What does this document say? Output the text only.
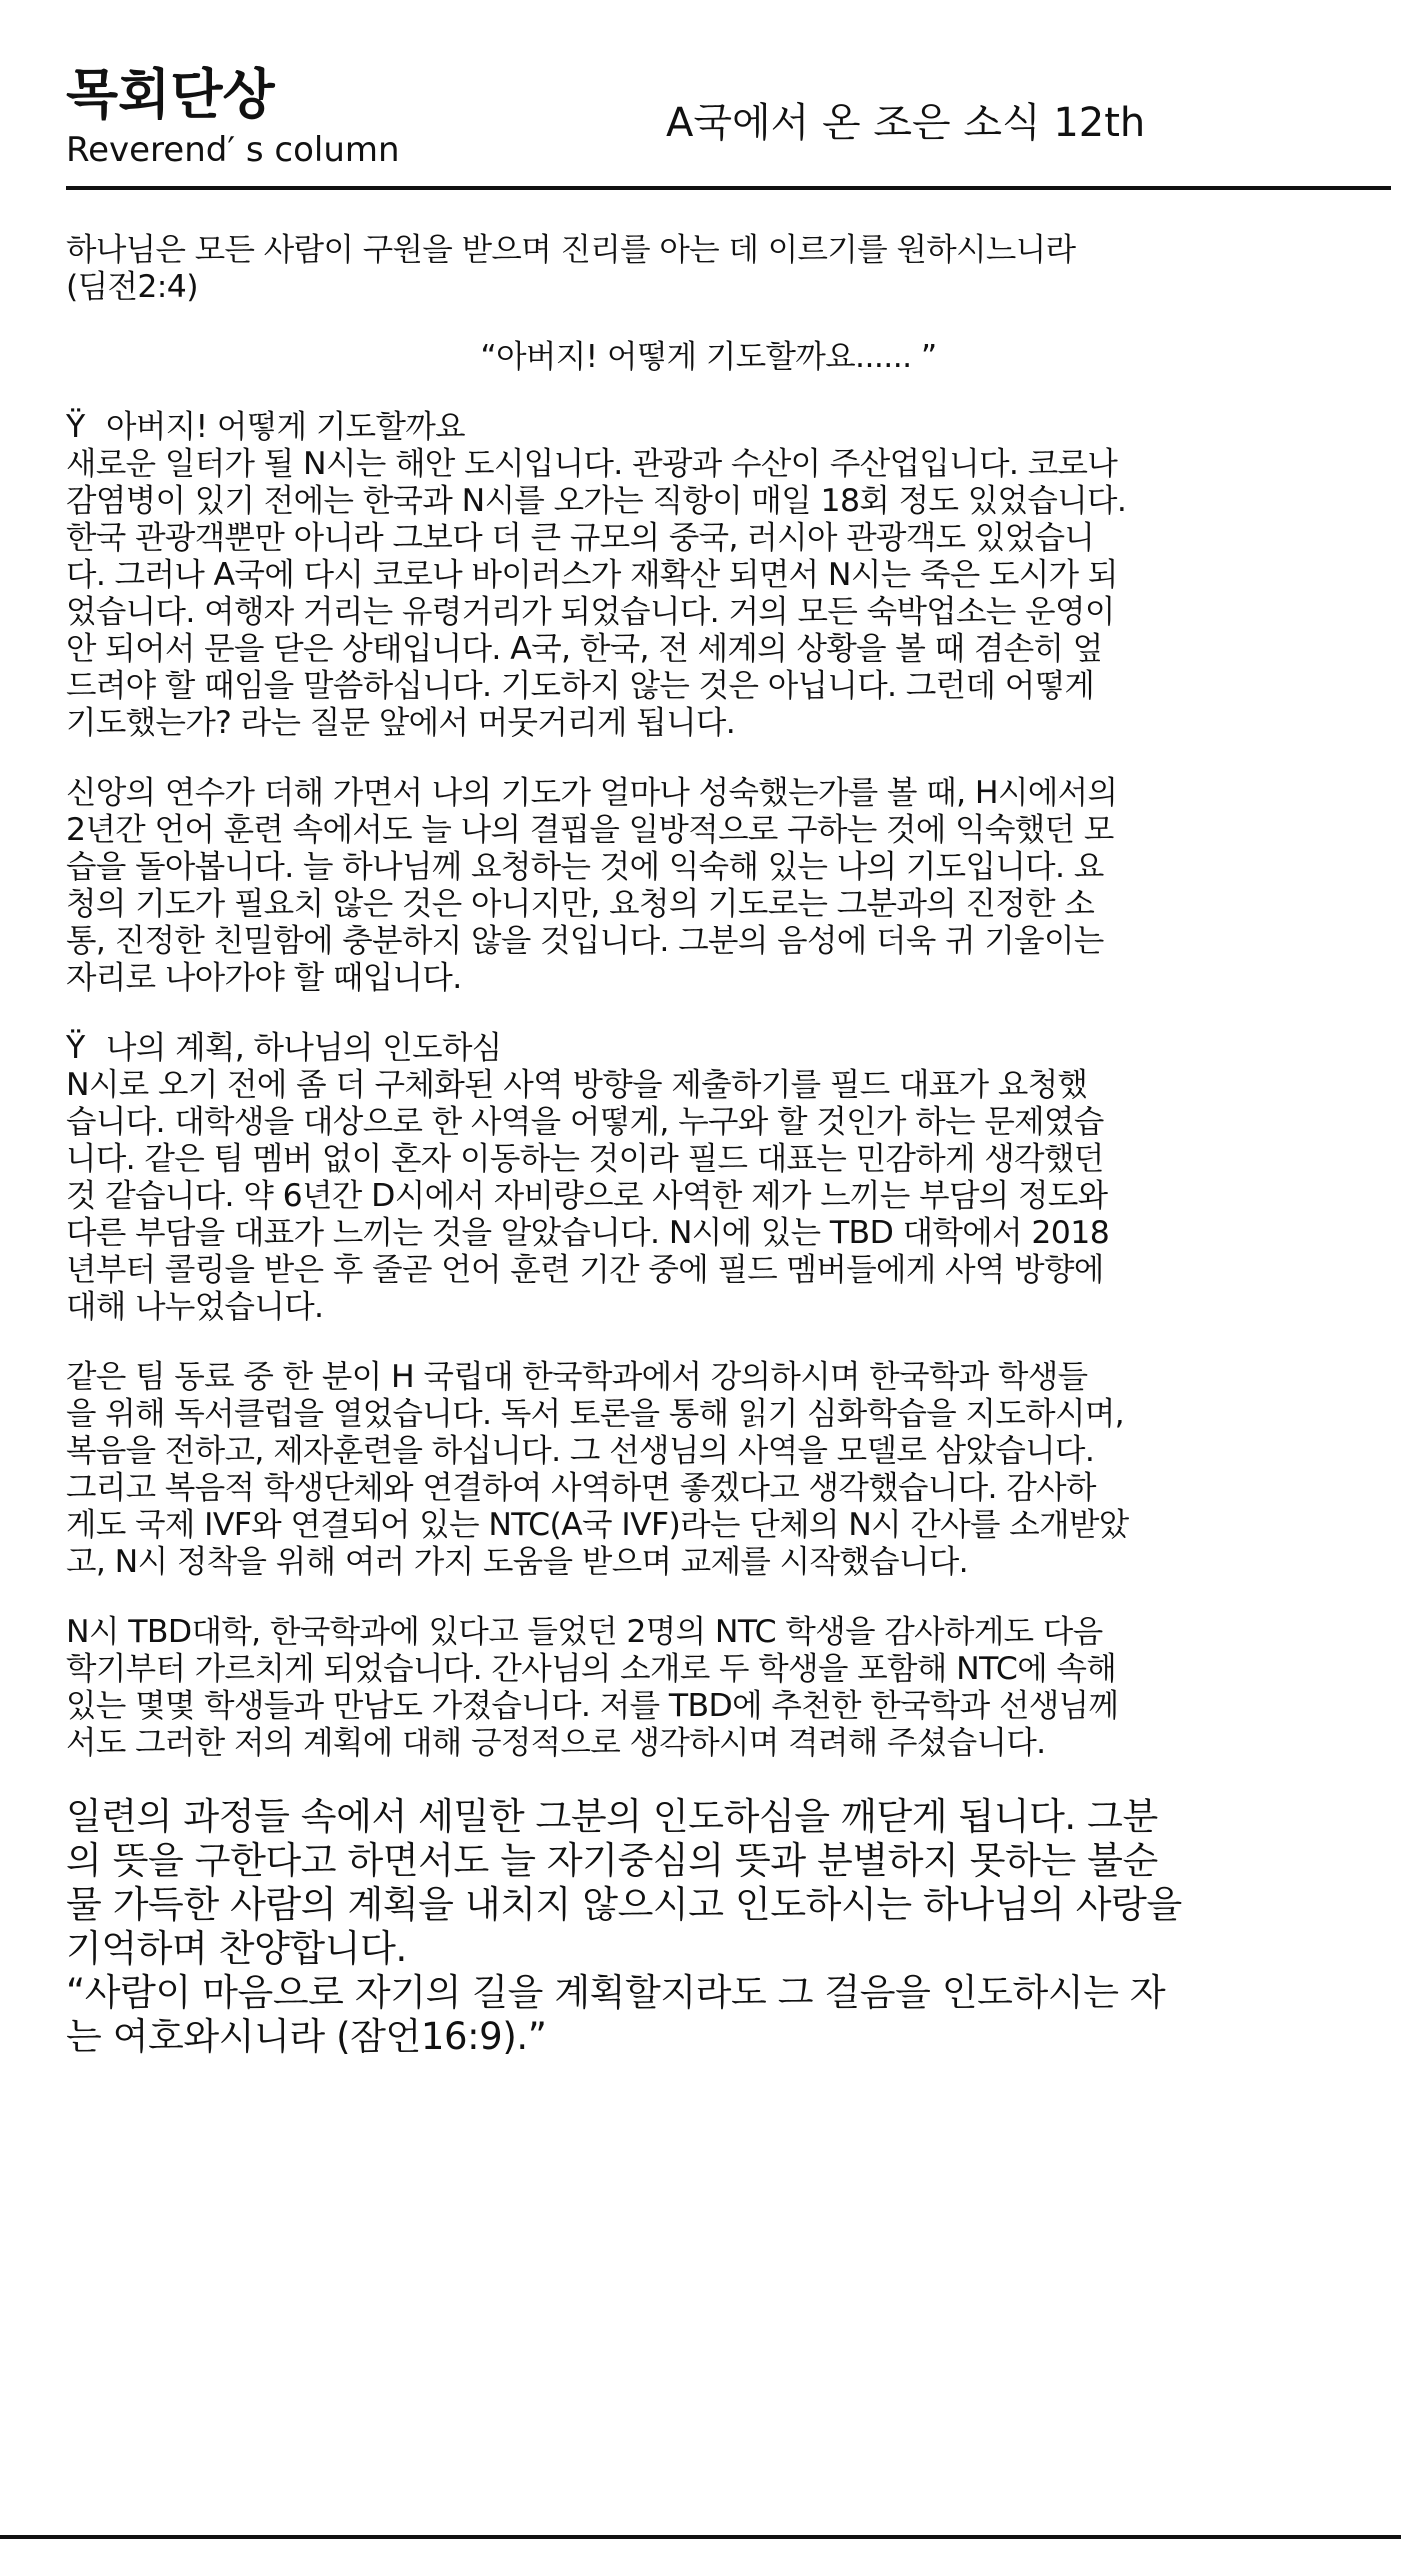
목회단상
Reverend′ s column
A국에서 온 조은 소식 12th
하나님은 모든 사람이 구원을 받으며 진리를 아는 데 이르기를 원하시느니라
(딤전2:4)
“아버지! 어떻게 기도할까요...... ”
Ÿ 아버지! 어떻게 기도할까요
새로운 일터가 될 N시는 해안 도시입니다. 관광과 수산이 주산업입니다. 코로나
감염병이 있기 전에는 한국과 N시를 오가는 직항이 매일 18회 정도 있었습니다.
한국 관광객뿐만 아니라 그보다 더 큰 규모의 중국, 러시아 관광객도 있었습니
다. 그러나 A국에 다시 코로나 바이러스가 재확산 되면서 N시는 죽은 도시가 되
었습니다. 여행자 거리는 유령거리가 되었습니다. 거의 모든 숙박업소는 운영이
안 되어서 문을 닫은 상태입니다. A국, 한국, 전 세계의 상황을 볼 때 겸손히 엎
드려야 할 때임을 말씀하십니다. 기도하지 않는 것은 아닙니다. 그런데 어떻게
기도했는가? 라는 질문 앞에서 머뭇거리게 됩니다.
신앙의 연수가 더해 가면서 나의 기도가 얼마나 성숙했는가를 볼 때, H시에서의
2년간 언어 훈련 속에서도 늘 나의 결핍을 일방적으로 구하는 것에 익숙했던 모
습을 돌아봅니다. 늘 하나님께 요청하는 것에 익숙해 있는 나의 기도입니다. 요
청의 기도가 필요치 않은 것은 아니지만, 요청의 기도로는 그분과의 진정한 소
통, 진정한 친밀함에 충분하지 않을 것입니다. 그분의 음성에 더욱 귀 기울이는
자리로 나아가야 할 때입니다.
Ÿ 나의 계획, 하나님의 인도하심
N시로 오기 전에 좀 더 구체화된 사역 방향을 제출하기를 필드 대표가 요청했
습니다. 대학생을 대상으로 한 사역을 어떻게, 누구와 할 것인가 하는 문제였습
니다. 같은 팀 멤버 없이 혼자 이동하는 것이라 필드 대표는 민감하게 생각했던
것 같습니다. 약 6년간 D시에서 자비량으로 사역한 제가 느끼는 부담의 정도와
다른 부담을 대표가 느끼는 것을 알았습니다. N시에 있는 TBD 대학에서 2018
년부터 콜링을 받은 후 줄곧 언어 훈련 기간 중에 필드 멤버들에게 사역 방향에
대해 나누었습니다.
같은 팀 동료 중 한 분이 H 국립대 한국학과에서 강의하시며 한국학과 학생들
을 위해 독서클럽을 열었습니다. 독서 토론을 통해 읽기 심화학습을 지도하시며,
복음을 전하고, 제자훈련을 하십니다. 그 선생님의 사역을 모델로 삼았습니다.
그리고 복음적 학생단체와 연결하여 사역하면 좋겠다고 생각했습니다. 감사하
게도 국제 IVF와 연결되어 있는 NTC(A국 IVF)라는 단체의 N시 간사를 소개받았
고, N시 정착을 위해 여러 가지 도움을 받으며 교제를 시작했습니다.
N시 TBD대학, 한국학과에 있다고 들었던 2명의 NTC 학생을 감사하게도 다음
학기부터 가르치게 되었습니다. 간사님의 소개로 두 학생을 포함해 NTC에 속해
있는 몇몇 학생들과 만남도 가졌습니다. 저를 TBD에 추천한 한국학과 선생님께
서도 그러한 저의 계획에 대해 긍정적으로 생각하시며 격려해 주셨습니다.
일련의 과정들 속에서 세밀한 그분의 인도하심을 깨닫게 됩니다. 그분
의 뜻을 구한다고 하면서도 늘 자기중심의 뜻과 분별하지 못하는 불순
물 가득한 사람의 계획을 내치지 않으시고 인도하시는 하나님의 사랑을
기억하며 찬양합니다.
“사람이 마음으로 자기의 길을 계획할지라도 그 걸음을 인도하시는 자
는 여호와시니라 (잠언16:9).”
